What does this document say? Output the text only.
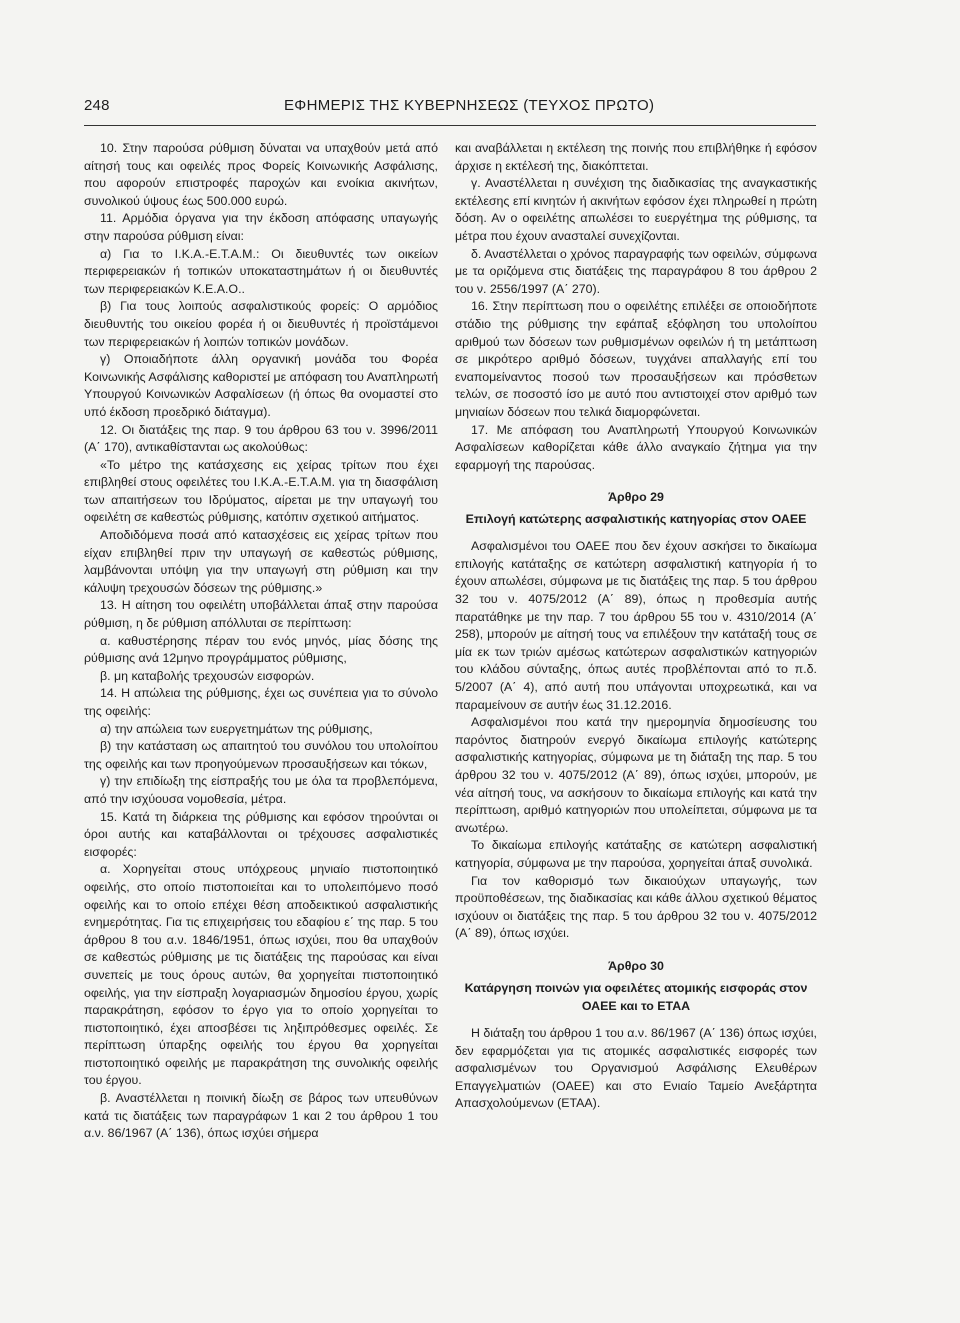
248	ΕΦΗΜΕΡΙΣ ΤΗΣ ΚΥΒΕΡΝΗΣΕΩΣ (ΤΕΥΧΟΣ ΠΡΩΤΟ)

10. Στην παρούσα ρύθμιση δύναται να υπαχθούν μετά από αίτησή τους και οφειλές προς Φορείς Κοινωνικής Ασφάλισης, που αφορούν επιστροφές παροχών και ενοίκια ακινήτων, συνολικού ύψους έως 500.000 ευρώ.

11. Αρμόδια όργανα για την έκδοση απόφασης υπαγωγής στην παρούσα ρύθμιση είναι:

α) Για το Ι.Κ.Α.-Ε.Τ.Α.Μ.: Οι διευθυντές των οικείων περιφερειακών ή τοπικών υποκαταστημάτων ή οι διευθυντές των περιφερειακών Κ.Ε.Α.Ο..

β) Για τους λοιπούς ασφαλιστικούς φορείς: Ο αρμόδιος διευθυντής του οικείου φορέα ή οι διευθυντές ή προϊστάμενοι των περιφερειακών ή λοιπών τοπικών μονάδων.

γ) Οποιαδήποτε άλλη οργανική μονάδα του Φορέα Κοινωνικής Ασφάλισης καθοριστεί με απόφαση του Αναπληρωτή Υπουργού Κοινωνικών Ασφαλίσεων (ή όπως θα ονομαστεί στο υπό έκδοση προεδρικό διάταγμα).

12. Οι διατάξεις της παρ. 9 του άρθρου 63 του ν. 3996/2011 (Α΄ 170), αντικαθίστανται ως ακολούθως:

«Το μέτρο της κατάσχεσης εις χείρας τρίτων που έχει επιβληθεί στους οφειλέτες του Ι.Κ.Α.-Ε.Τ.Α.Μ. για τη διασφάλιση των απαιτήσεων του Ιδρύματος, αίρεται με την υπαγωγή του οφειλέτη σε καθεστώς ρύθμισης, κατόπιν σχετικού αιτήματος.

Αποδιδόμενα ποσά από κατασχέσεις εις χείρας τρίτων που είχαν επιβληθεί πριν την υπαγωγή σε καθεστώς ρύθμισης, λαμβάνονται υπόψη για την υπαγωγή στη ρύθμιση και την κάλυψη τρεχουσών δόσεων της ρύθμισης.»

13. Η αίτηση του οφειλέτη υποβάλλεται άπαξ στην παρούσα ρύθμιση, η δε ρύθμιση απόλλυται σε περίπτωση:

α. καθυστέρησης πέραν του ενός μηνός, μίας δόσης της ρύθμισης ανά 12μηνο προγράμματος ρύθμισης,

β. μη καταβολής τρεχουσών εισφορών.

14. Η απώλεια της ρύθμισης, έχει ως συνέπεια για το σύνολο της οφειλής:

α) την απώλεια των ευεργετημάτων της ρύθμισης,

β) την κατάσταση ως απαιτητού του συνόλου του υπολοίπου της οφειλής και των προηγούμενων προσαυξήσεων και τόκων,

γ) την επιδίωξη της είσπραξής του με όλα τα προβλεπόμενα, από την ισχύουσα νομοθεσία, μέτρα.

15. Κατά τη διάρκεια της ρύθμισης και εφόσον τηρούνται οι όροι αυτής και καταβάλλονται οι τρέχουσες ασφαλιστικές εισφορές:

α. Χορηγείται στους υπόχρεους μηνιαίο πιστοποιητικό οφειλής, στο οποίο πιστοποιείται και το υπολειπόμενο ποσό οφειλής και το οποίο επέχει θέση αποδεικτικού ασφαλιστικής ενημερότητας. Για τις επιχειρήσεις του εδαφίου ε΄ της παρ. 5 του άρθρου 8 του α.ν. 1846/1951, όπως ισχύει, που θα υπαχθούν σε καθεστώς ρύθμισης με τις διατάξεις της παρούσας και είναι συνεπείς με τους όρους αυτών, θα χορηγείται πιστοποιητικό οφειλής, για την είσπραξη λογαριασμών δημοσίου έργου, χωρίς παρακράτηση, εφόσον το έργο για το οποίο χορηγείται το πιστοποιητικό, έχει αποσβέσει τις ληξιπρόθεσμες οφειλές. Σε περίπτωση ύπαρξης οφειλής του έργου θα χορηγείται πιστοποιητικό οφειλής με παρακράτηση της συνολικής οφειλής του έργου.

β. Αναστέλλεται η ποινική δίωξη σε βάρος των υπευθύνων κατά τις διατάξεις των παραγράφων 1 και 2 του άρθρου 1 του α.ν. 86/1967 (Α΄ 136), όπως ισχύει σήμερα

και αναβάλλεται η εκτέλεση της ποινής που επιβλήθηκε ή εφόσον άρχισε η εκτέλεσή της, διακόπτεται.

γ. Αναστέλλεται η συνέχιση της διαδικασίας της αναγκαστικής εκτέλεσης επί κινητών ή ακινήτων εφόσον έχει πληρωθεί η πρώτη δόση. Αν ο οφειλέτης απωλέσει το ευεργέτημα της ρύθμισης, τα μέτρα που έχουν ανασταλεί συνεχίζονται.

δ. Αναστέλλεται ο χρόνος παραγραφής των οφειλών, σύμφωνα με τα οριζόμενα στις διατάξεις της παραγράφου 8 του άρθρου 2 του ν. 2556/1997 (Α΄ 270).

16. Στην περίπτωση που ο οφειλέτης επιλέξει σε οποιοδήποτε στάδιο της ρύθμισης την εφάπαξ εξόφληση του υπολοίπου αριθμού των δόσεων των ρυθμισμένων οφειλών ή τη μετάπτωση σε μικρότερο αριθμό δόσεων, τυγχάνει απαλλαγής επί του εναπομείναντος ποσού των προσαυξήσεων και πρόσθετων τελών, σε ποσοστό ίσο με αυτό που αντιστοιχεί στον αριθμό των μηνιαίων δόσεων που τελικά διαμορφώνεται.

17. Με απόφαση του Αναπληρωτή Υπουργού Κοινωνικών Ασφαλίσεων καθορίζεται κάθε άλλο αναγκαίο ζήτημα για την εφαρμογή της παρούσας.

Άρθρο 29
Επιλογή κατώτερης ασφαλιστικής κατηγορίας στον ΟΑΕΕ

Ασφαλισμένοι του ΟΑΕΕ που δεν έχουν ασκήσει το δικαίωμα επιλογής κατάταξης σε κατώτερη ασφαλιστική κατηγορία ή το έχουν απωλέσει, σύμφωνα με τις διατάξεις της παρ. 5 του άρθρου 32 του ν. 4075/2012 (Α΄ 89), όπως η προθεσμία αυτής παρατάθηκε με την παρ. 7 του άρθρου 55 του ν. 4310/2014 (Α΄ 258), μπορούν με αίτησή τους να επιλέξουν την κατάταξή τους σε μία εκ των τριών αμέσως κατώτερων ασφαλιστικών κατηγοριών του κλάδου σύνταξης, όπως αυτές προβλέπονται από το π.δ. 5/2007 (Α΄ 4), από αυτή που υπάγονται υποχρεωτικά, και να παραμείνουν σε αυτήν έως 31.12.2016.

Ασφαλισμένοι που κατά την ημερομηνία δημοσίευσης του παρόντος διατηρούν ενεργό δικαίωμα επιλογής κατώτερης ασφαλιστικής κατηγορίας, σύμφωνα με τη διάταξη της παρ. 5 του άρθρου 32 του ν. 4075/2012 (Α΄ 89), όπως ισχύει, μπορούν, με νέα αίτησή τους, να ασκήσουν το δικαίωμα επιλογής και κατά την περίπτωση, αριθμό κατηγοριών που υπολείπεται, σύμφωνα με τα ανωτέρω.

Το δικαίωμα επιλογής κατάταξης σε κατώτερη ασφαλιστική κατηγορία, σύμφωνα με την παρούσα, χορηγείται άπαξ συνολικά.

Για τον καθορισμό των δικαιούχων υπαγωγής, των προϋποθέσεων, της διαδικασίας και κάθε άλλου σχετικού θέματος ισχύουν οι διατάξεις της παρ. 5 του άρθρου 32 του ν. 4075/2012 (Α΄ 89), όπως ισχύει.

Άρθρο 30
Κατάργηση ποινών για οφειλέτες ατομικής εισφοράς στον ΟΑΕΕ και το ΕΤΑΑ

Η διάταξη του άρθρου 1 του α.ν. 86/1967 (Α΄ 136) όπως ισχύει, δεν εφαρμόζεται για τις ατομικές ασφαλιστικές εισφορές των ασφαλισμένων του Οργανισμού Ασφάλισης Ελευθέρων Επαγγελματιών (ΟΑΕΕ) και στο Ενιαίο Ταμείο Ανεξάρτητα Απασχολούμενων (ΕΤΑΑ).
